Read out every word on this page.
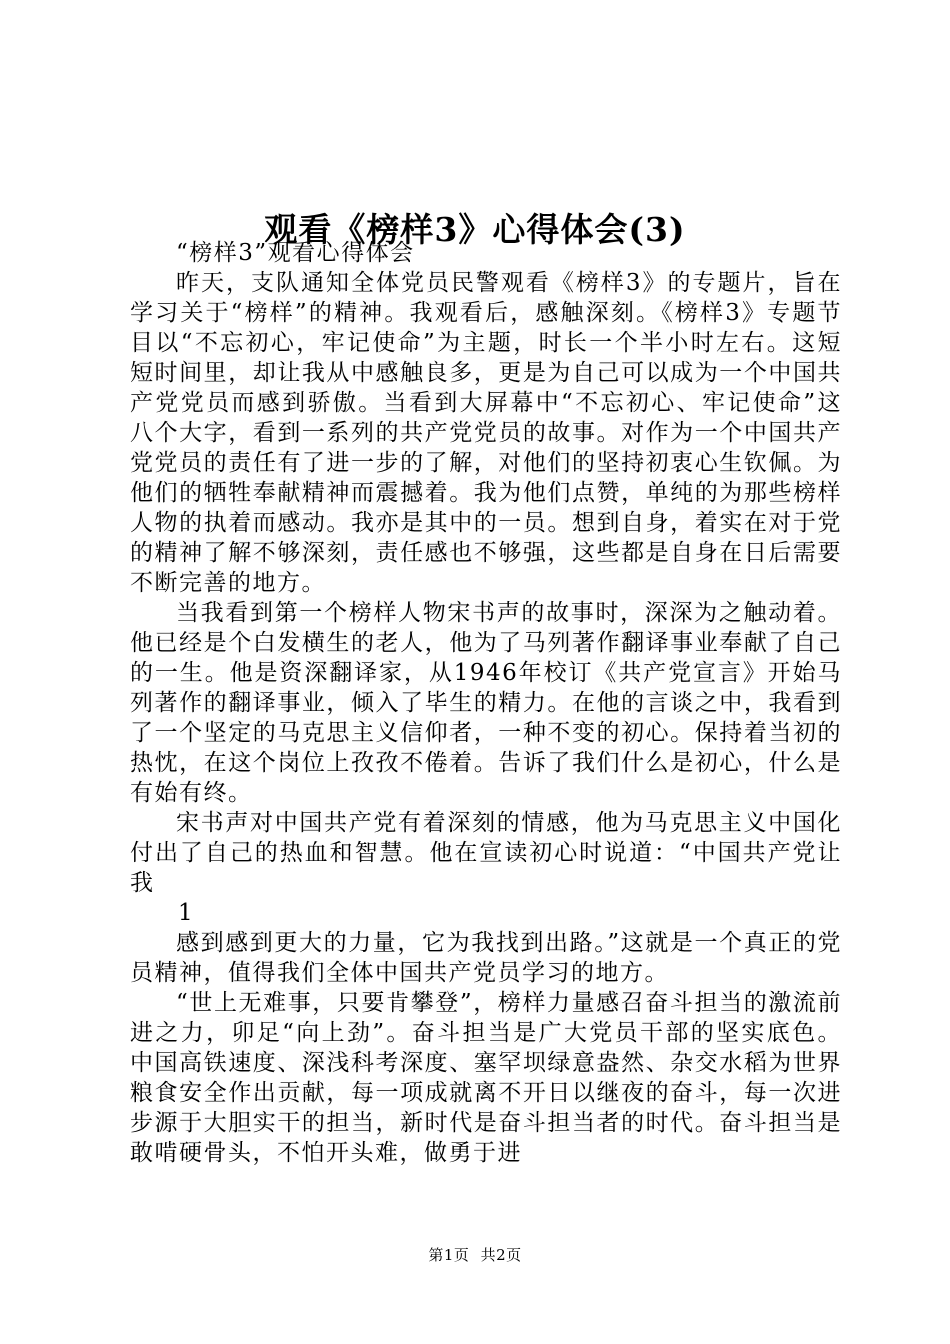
观看《榜样3》心得体会(3)

“榜样3”观看心得体会

昨天，支队通知全体党员民警观看《榜样3》的专题片，旨在学习关于“榜样”的精神。我观看后，感触深刻。《榜样3》专题节目以“不忘初心，牢记使命”为主题，时长一个半小时左右。这短短时间里，却让我从中感触良多，更是为自己可以成为一个中国共产党党员而感到骄傲。当看到大屏幕中“不忘初心、牢记使命”这八个大字，看到一系列的共产党党员的故事。对作为一个中国共产党党员的责任有了进一步的了解，对他们的坚持初衷心生钦佩。为他们的牺牲奉献精神而震撼着。我为他们点赞，单纯的为那些榜样人物的执着而感动。我亦是其中的一员。想到自身，着实在对于党的精神了解不够深刻，责任感也不够强，这些都是自身在日后需要不断完善的地方。

当我看到第一个榜样人物宋书声的故事时，深深为之触动着。他已经是个白发横生的老人，他为了马列著作翻译事业奉献了自己的一生。他是资深翻译家，从1946年校订《共产党宣言》开始马列著作的翻译事业，倾入了毕生的精力。在他的言谈之中，我看到了一个坚定的马克思主义信仰者，一种不变的初心。保持着当初的热忱，在这个岗位上孜孜不倦着。告诉了我们什么是初心，什么是有始有终。

宋书声对中国共产党有着深刻的情感，他为马克思主义中国化付出了自己的热血和智慧。他在宣读初心时说道：“中国共产党让我

1

感到感到更大的力量，它为我找到出路。”这就是一个真正的党员精神，值得我们全体中国共产党员学习的地方。

“世上无难事，只要肯攀登”，榜样力量感召奋斗担当的激流前进之力，卯足“向上劲”。奋斗担当是广大党员干部的坚实底色。中国高铁速度、深浅科考深度、塞罕坝绿意盎然、杂交水稻为世界粮食安全作出贡献，每一项成就离不开日以继夜的奋斗，每一次进步源于大胆实干的担当，新时代是奋斗担当者的时代。奋斗担当是敢啃硬骨头，不怕开头难，做勇于进

第1页 共2页
